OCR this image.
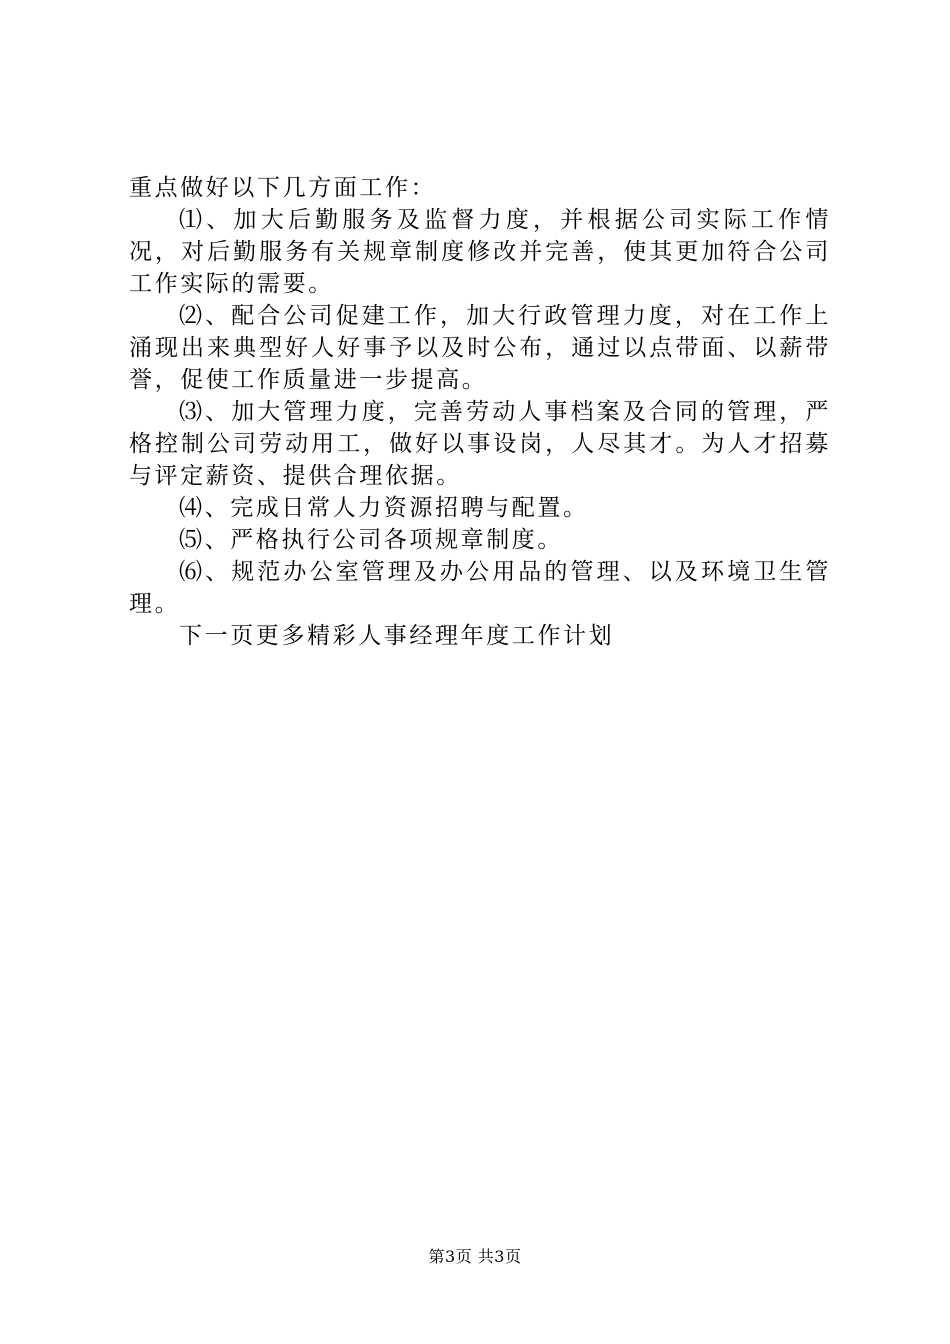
重点做好以下几方面工作：

⑴、加大后勤服务及监督力度，并根据公司实际工作情况，对后勤服务有关规章制度修改并完善，使其更加符合公司工作实际的需要。

⑵、配合公司促建工作，加大行政管理力度，对在工作上涌现出来典型好人好事予以及时公布，通过以点带面、以薪带誉，促使工作质量进一步提高。

⑶、加大管理力度，完善劳动人事档案及合同的管理，严格控制公司劳动用工，做好以事设岗，人尽其才。为人才招募与评定薪资、提供合理依据。

⑷、完成日常人力资源招聘与配置。

⑸、严格执行公司各项规章制度。

⑹、规范办公室管理及办公用品的管理、以及环境卫生管理。

下一页更多精彩人事经理年度工作计划

第3页 共3页
